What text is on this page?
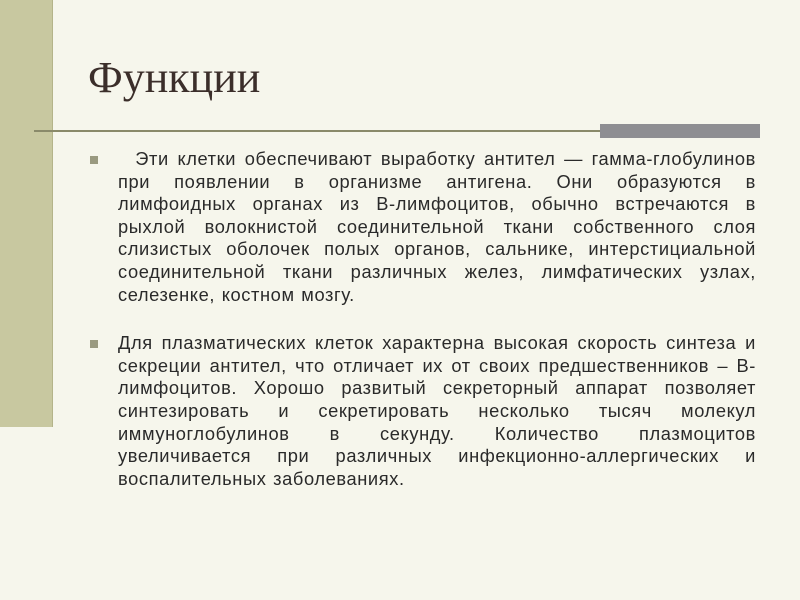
Функции

Эти клетки обеспечивают выработку антител — гамма-глобулинов при появлении в организме антигена. Они образуются в лимфоидных органах из В-лимфоцитов, обычно встречаются в рыхлой волокнистой соединительной ткани собственного слоя слизистых оболочек полых органов, сальнике, интерстициальной соединительной ткани различных желез, лимфатических узлах, селезенке, костном мозгу.

Для плазматических клеток характерна высокая скорость синтеза и секреции антител, что отличает их от своих предшественников – В-лимфоцитов. Хорошо развитый секреторный аппарат позволяет синтезировать и секретировать несколько тысяч молекул иммуноглобулинов в секунду. Количество плазмоцитов увеличивается при различных инфекционно-аллергических и воспалительных заболеваниях.
